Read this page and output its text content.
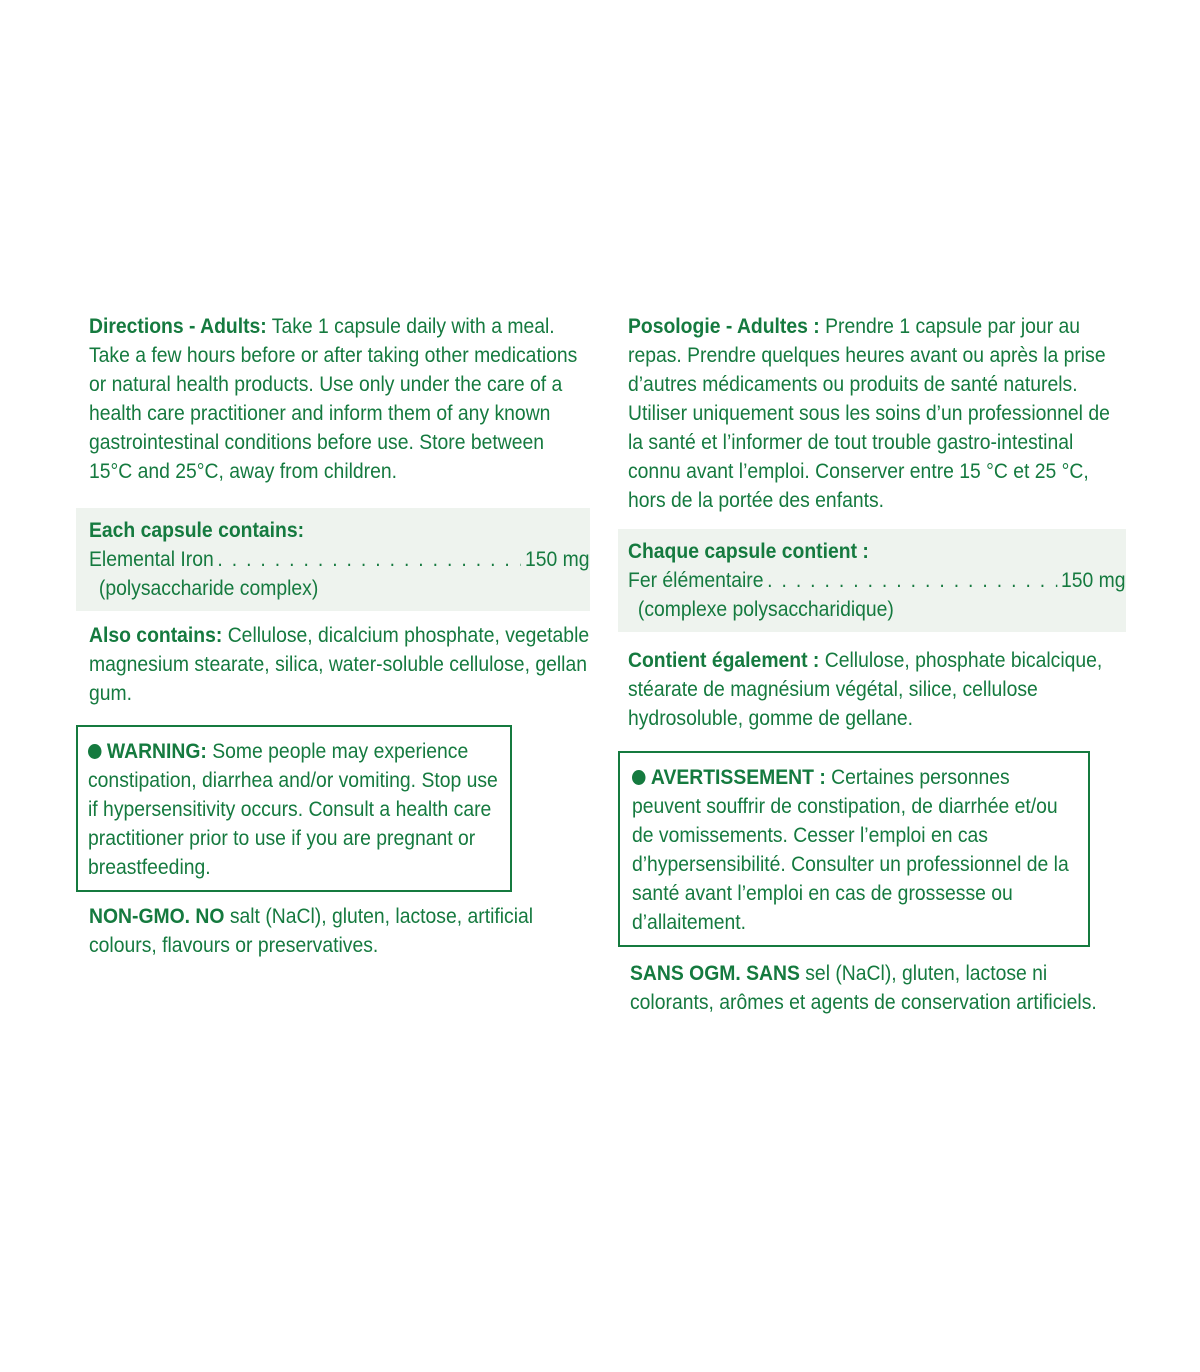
Directions - Adults: Take 1 capsule daily with a meal. Take a few hours before or after taking other medications or natural health products. Use only under the care of a health care practitioner and inform them of any known gastrointestinal conditions before use. Store between 15°C and 25°C, away from children.

Each capsule contains:

Elemental Iron . . .	150 mg

(polysaccharide complex)

Also contains: Cellulose, dicalcium phosphate, vegetable magnesium stearate, silica, water-soluble cellulose, gellan gum.

WARNING: Some people may experience constipation, diarrhea and/or vomiting. Stop use if hypersensitivity occurs. Consult a health care practitioner prior to use if you are pregnant or breastfeeding.

NON-GMO. NO salt (NaCl), gluten, lactose, artificial colours, flavours or preservatives.

Posologie - Adultes : Prendre 1 capsule par jour au repas. Prendre quelques heures avant ou après la prise d’autres médicaments ou produits de santé naturels. Utiliser uniquement sous les soins d’un professionnel de la santé et l’informer de tout trouble gastro-intestinal connu avant l’emploi. Conserver entre 15 °C et 25 °C, hors de la portée des enfants.

Chaque capsule contient :

Fer élémentaire . . .	150 mg

(complexe polysaccharidique)

Contient également : Cellulose, phosphate bicalcique, stéarate de magnésium végétal, silice, cellulose hydrosoluble, gomme de gellane.

AVERTISSEMENT : Certaines personnes peuvent souffrir de constipation, de diarrhée et/ou de vomissements. Cesser l’emploi en cas d’hypersensibilité. Consulter un professionnel de la santé avant l’emploi en cas de grossesse ou d’allaitement.

SANS OGM. SANS sel (NaCl), gluten, lactose ni colorants, arômes et agents de conservation artificiels.
